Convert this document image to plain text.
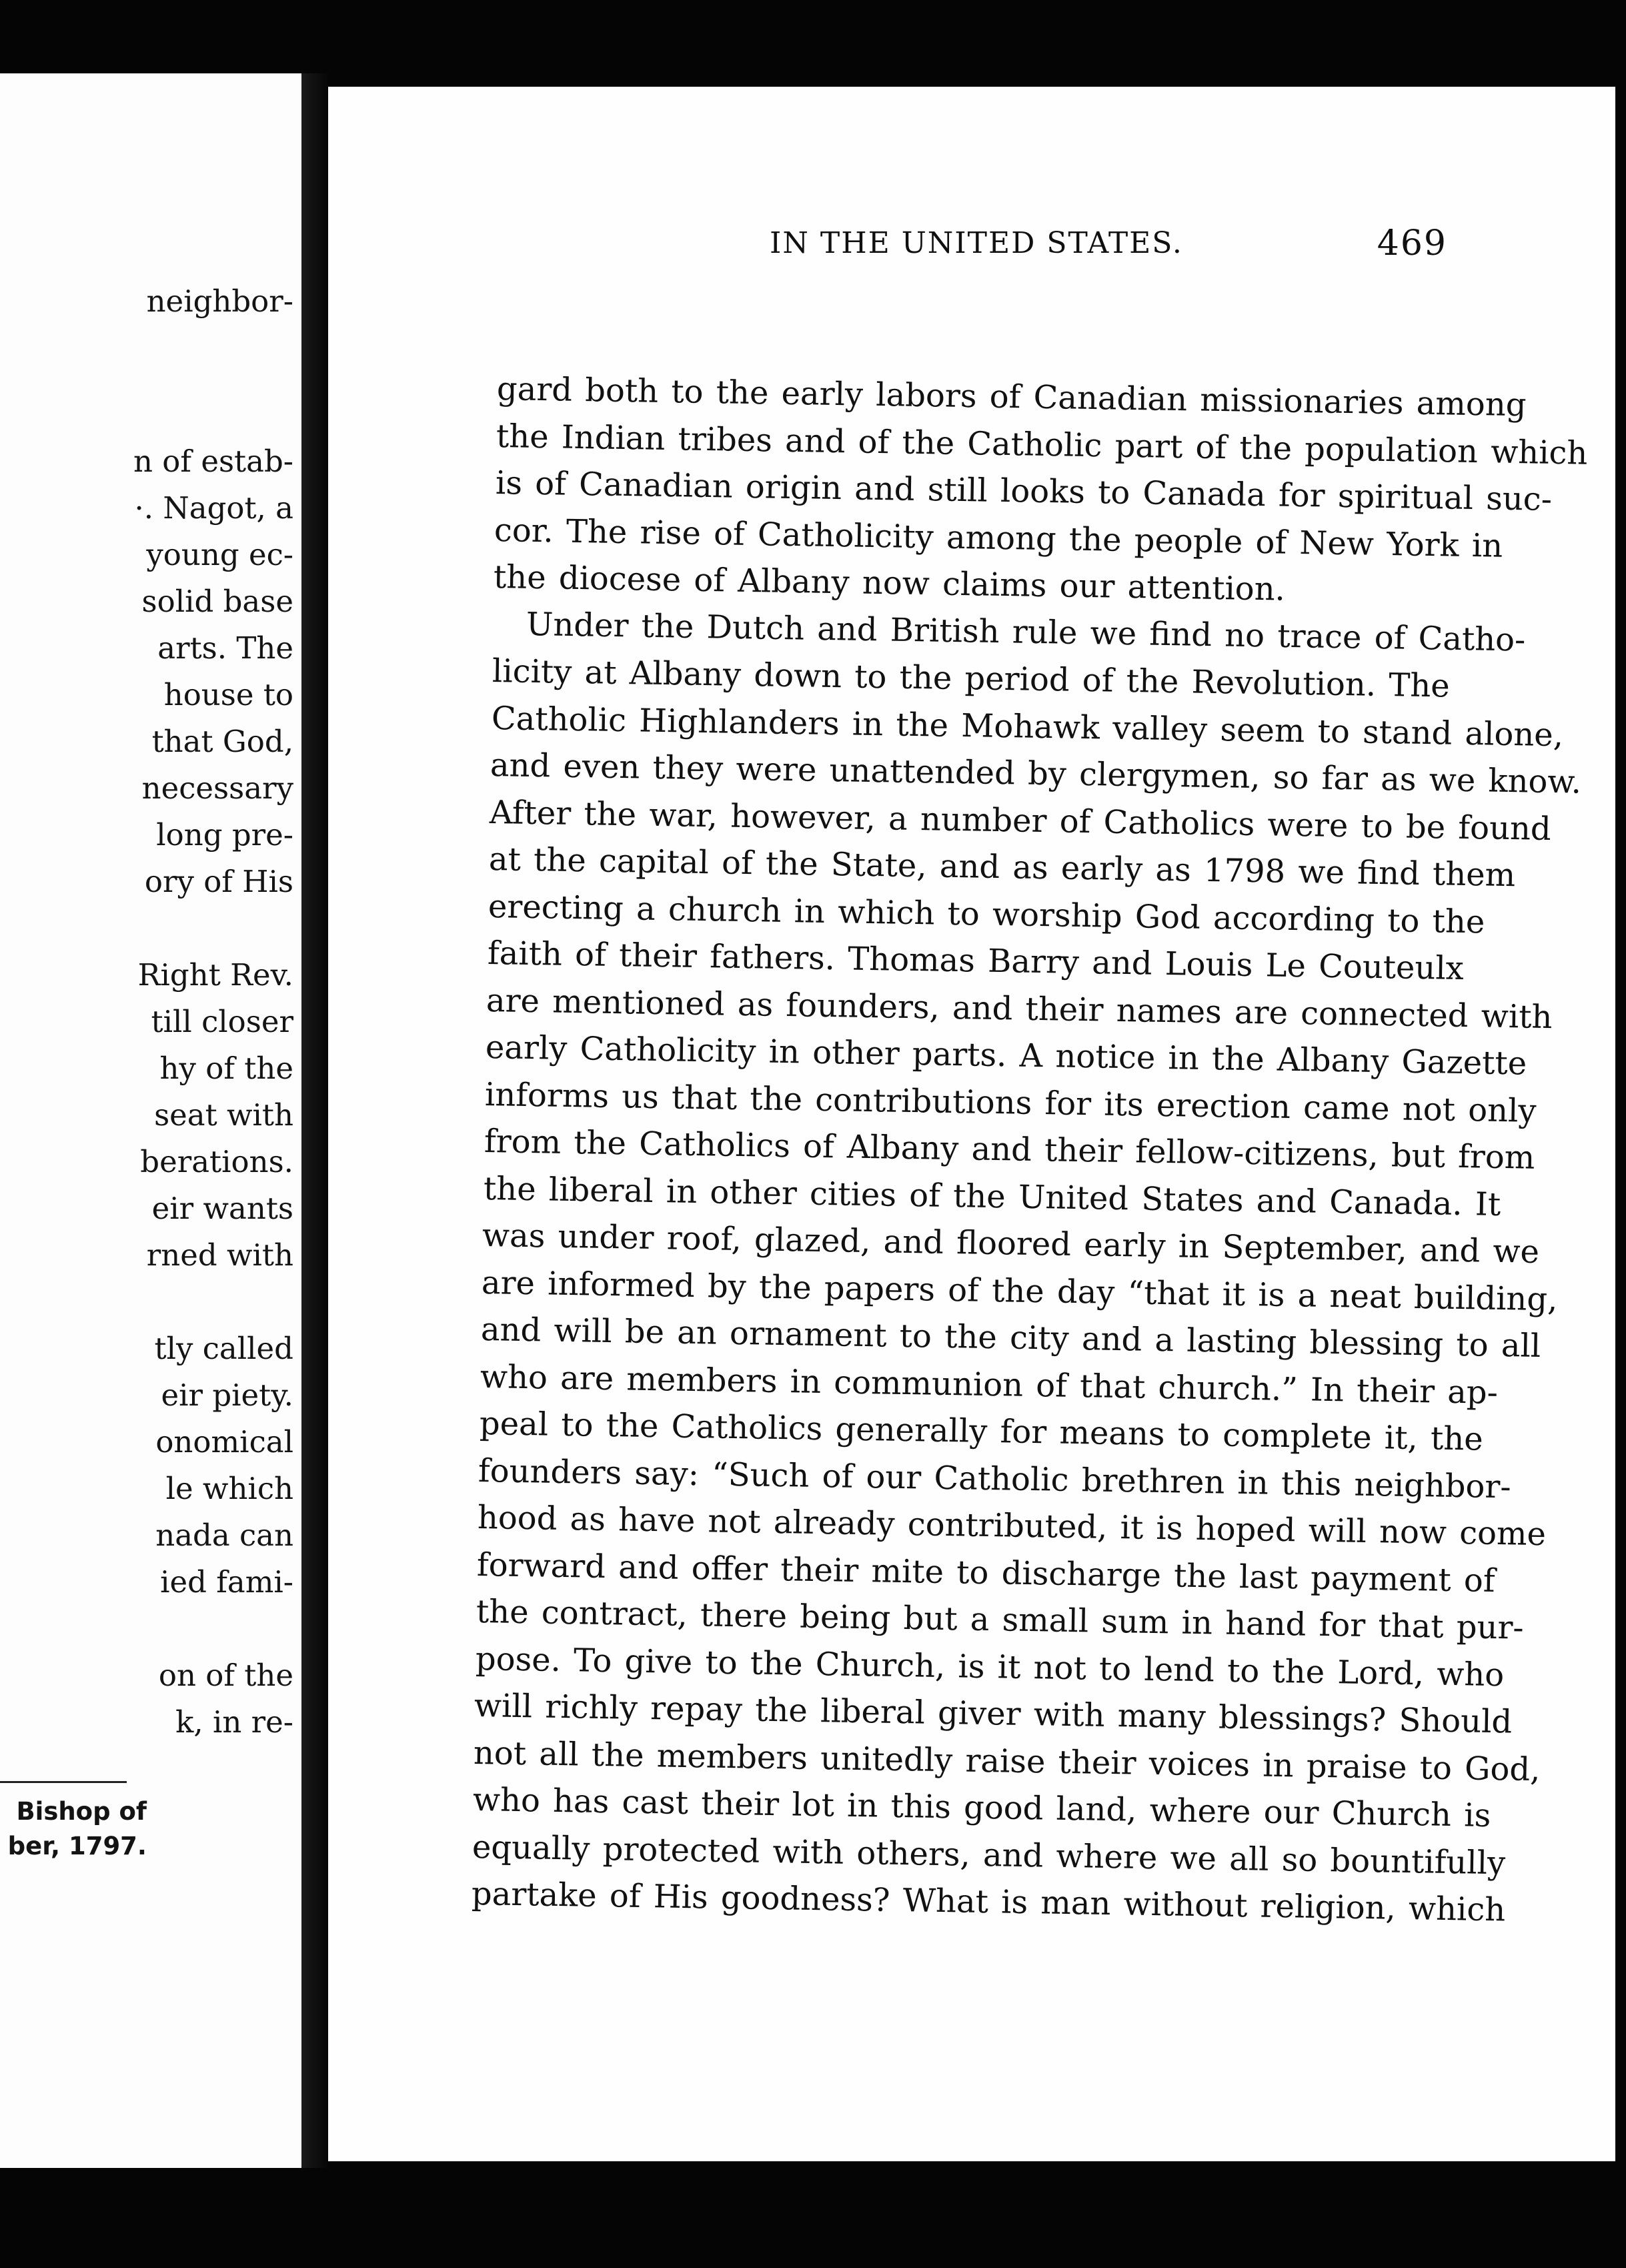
neighbor-
n of estab-
·. Nagot, a
young ec-
solid base
arts. The
house to
that God,
necessary
long pre-
ory of His
Right Rev.
till closer
hy of the
seat with
berations.
eir wants
rned with
tly called
eir piety.
onomical
le which
nada can
ied fami-
on of the
k, in re-
Bishop of
ber, 1797.
IN THE UNITED STATES.	469
gard both to the early labors of Canadian missionaries among
the Indian tribes and of the Catholic part of the population which
is of Canadian origin and still looks to Canada for spiritual suc-
cor. The rise of Catholicity among the people of New York in
the diocese of Albany now claims our attention.
Under the Dutch and British rule we find no trace of Catho-
licity at Albany down to the period of the Revolution. The
Catholic Highlanders in the Mohawk valley seem to stand alone,
and even they were unattended by clergymen, so far as we know.
After the war, however, a number of Catholics were to be found
at the capital of the State, and as early as 1798 we find them
erecting a church in which to worship God according to the
faith of their fathers. Thomas Barry and Louis Le Couteulx
are mentioned as founders, and their names are connected with
early Catholicity in other parts. A notice in the Albany Gazette
informs us that the contributions for its erection came not only
from the Catholics of Albany and their fellow-citizens, but from
the liberal in other cities of the United States and Canada. It
was under roof, glazed, and floored early in September, and we
are informed by the papers of the day “that it is a neat building,
and will be an ornament to the city and a lasting blessing to all
who are members in communion of that church.” In their ap-
peal to the Catholics generally for means to complete it, the
founders say: “Such of our Catholic brethren in this neighbor-
hood as have not already contributed, it is hoped will now come
forward and offer their mite to discharge the last payment of
the contract, there being but a small sum in hand for that pur-
pose. To give to the Church, is it not to lend to the Lord, who
will richly repay the liberal giver with many blessings? Should
not all the members unitedly raise their voices in praise to God,
who has cast their lot in this good land, where our Church is
equally protected with others, and where we all so bountifully
partake of His goodness? What is man without religion, which
